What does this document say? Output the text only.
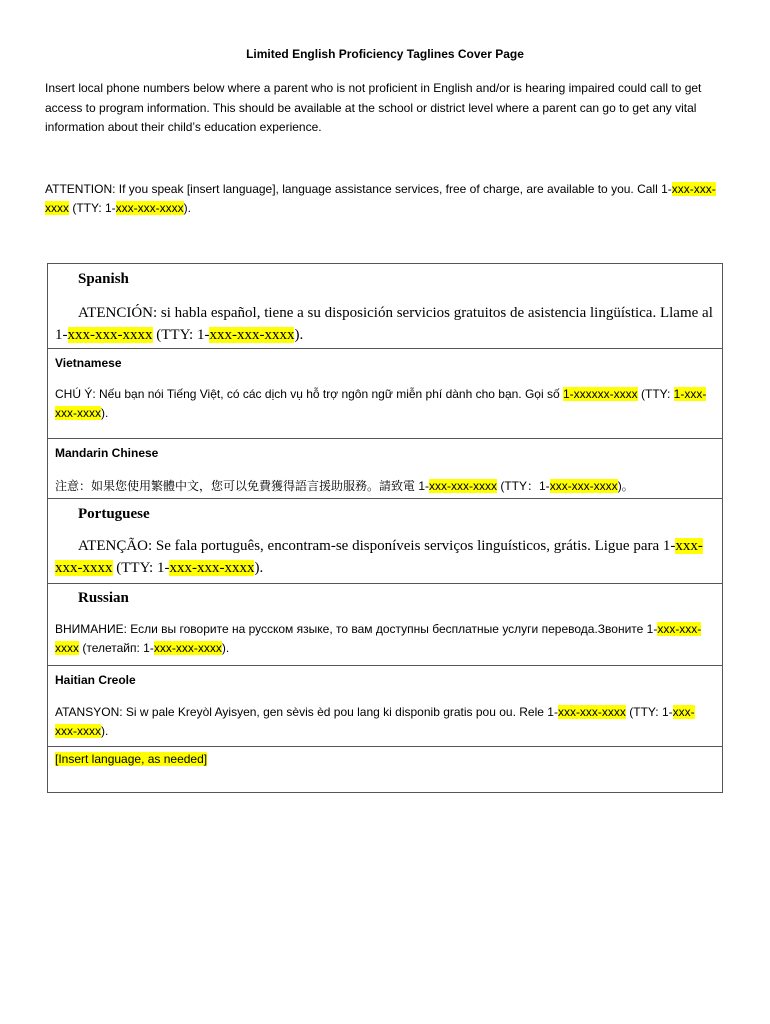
Limited English Proficiency Taglines Cover Page

Insert local phone numbers below where a parent who is not proficient in English and/or is hearing impaired could call to get access to program information. This should be available at the school or district level where a parent can go to get any vital information about their child’s education experience.

ATTENTION: If you speak [insert language], language assistance services, free of charge, are available to you. Call 1-xxx-xxx-xxxx (TTY: 1-xxx-xxx-xxxx).

Spanish

ATENCIÓN: si habla español, tiene a su disposición servicios gratuitos de asistencia lingüística. Llame al 1-xxx-xxx-xxxx (TTY: 1-xxx-xxx-xxxx).

Vietnamese

CHÚ Ý: Nếu bạn nói Tiếng Việt, có các dịch vụ hỗ trợ ngôn ngữ miễn phí dành cho bạn. Gọi số 1-xxxxxx-xxxx (TTY: 1-xxx-xxx-xxxx).

Mandarin Chinese

注意：如果您使用繁體中文，您可以免費獲得語言援助服務。請致電 1-xxx-xxx-xxxx (TTY：1-xxx-xxx-xxxx)。

Portuguese

ATENÇÃO: Se fala português, encontram-se disponíveis serviços linguísticos, grátis. Ligue para 1-xxx-xxx-xxxx (TTY: 1-xxx-xxx-xxxx).

Russian

ВНИМАНИЕ: Если вы говорите на русском языке, то вам доступны бесплатные услуги перевода.Звоните 1-xxx-xxx-xxxx (телетайп: 1-xxx-xxx-xxxx).

Haitian Creole

ATANSYON: Si w pale Kreyòl Ayisyen, gen sèvis èd pou lang ki disponib gratis pou ou. Rele 1-xxx-xxx-xxxx (TTY: 1-xxx-xxx-xxxx).

[Insert language, as needed]
